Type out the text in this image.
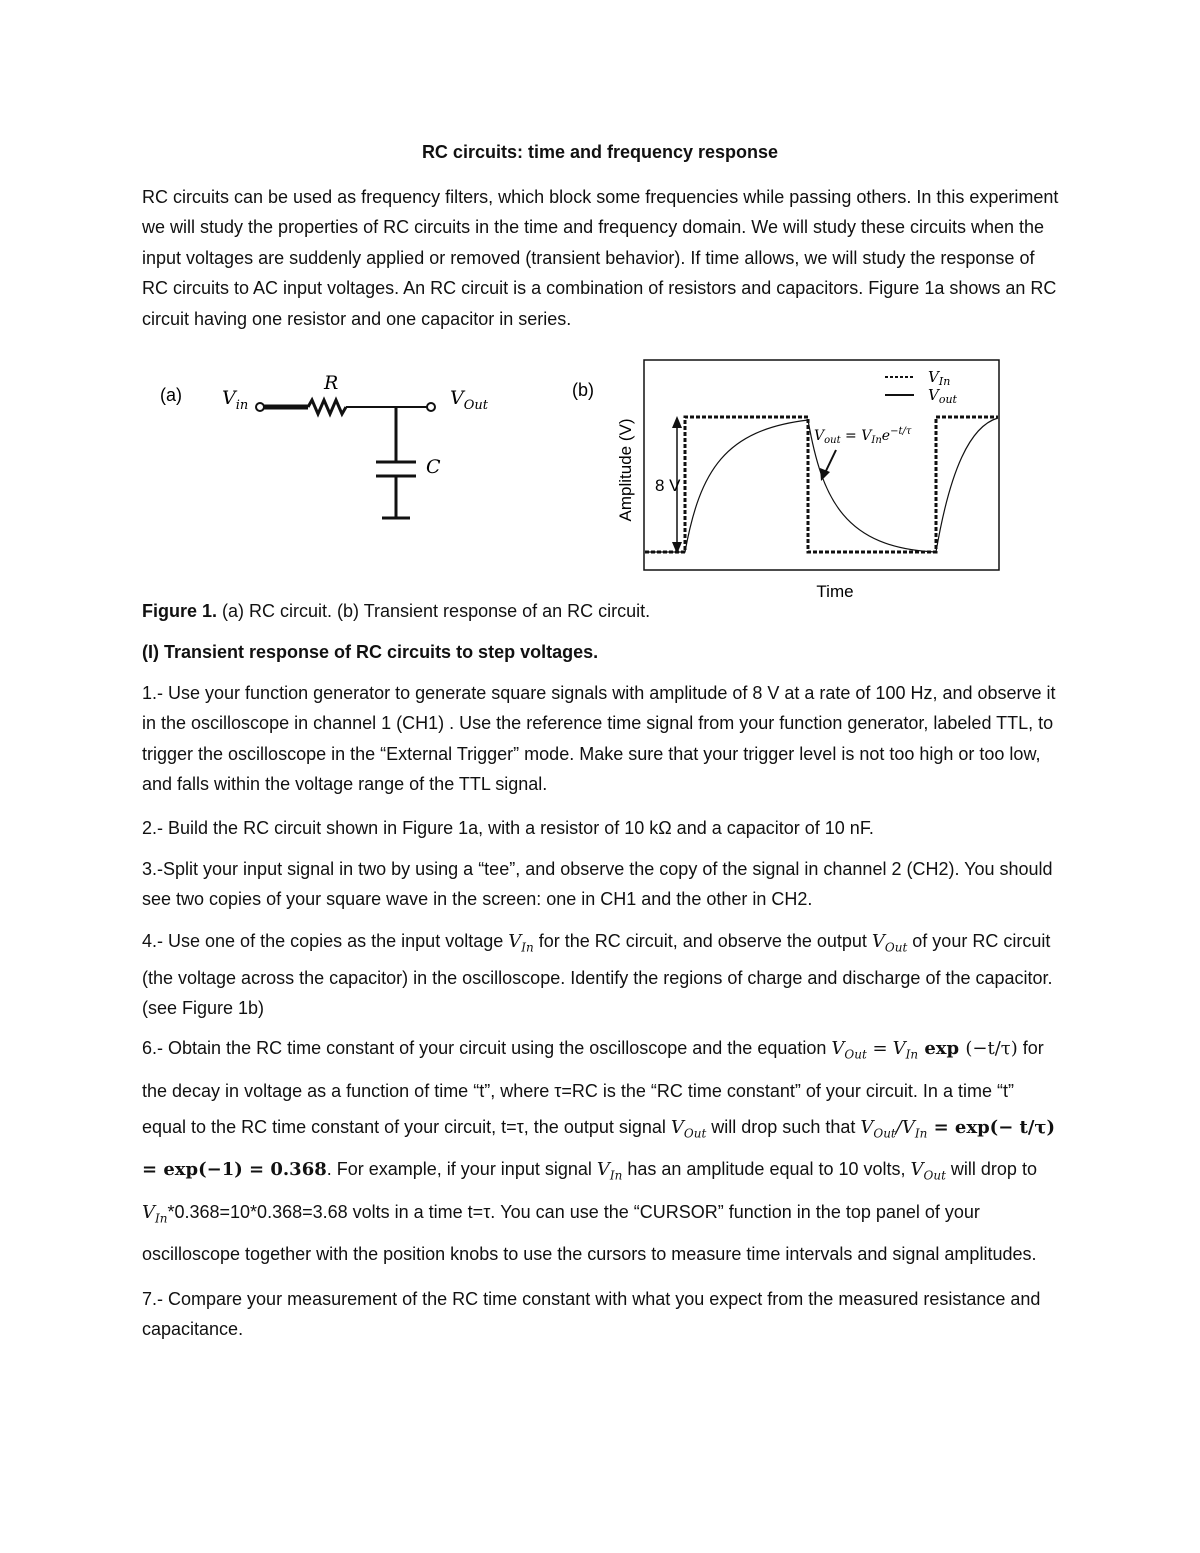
RC circuits: time and frequency response

RC circuits can be used as frequency filters, which block some frequencies while passing others. In this experiment we will study the properties of RC circuits in the time and frequency domain. We will study these circuits when the input voltages are suddenly applied or removed (transient behavior). If time allows, we will study the response of RC circuits to AC input voltages. An RC circuit is a combination of resistors and capacitors. Figure 1a shows an RC circuit having one resistor and one capacitor in series.

(a) $V_{in}$
R
$V_{Out}$
C
(b)
Amplitude (V)
Time
8 V
$V_{In}$
$V_{out}$
$V_{out} = V_{In}e^{-t/\tau}$

Figure 1. (a) RC circuit. (b) Transient response of an RC circuit.

(I) Transient response of RC circuits to step voltages.

1.- Use your function generator to generate square signals with amplitude of 8 V at a rate of 100 Hz, and observe it in the oscilloscope in channel 1 (CH1) . Use the reference time signal from your function generator, labeled TTL, to trigger the oscilloscope in the “External Trigger” mode. Make sure that your trigger level is not too high or too low, and falls within the voltage range of the TTL signal.

2.- Build the RC circuit shown in Figure 1a, with a resistor of 10 kΩ and a capacitor of 10 nF.

3.-Split your input signal in two by using a “tee”, and observe the copy of the signal in channel 2 (CH2). You should see two copies of your square wave in the screen: one in CH1 and the other in CH2.

4.- Use one of the copies as the input voltage $V_{In}$ for the RC circuit, and observe the output $V_{Out}$ of your RC circuit (the voltage across the capacitor) in the oscilloscope. Identify the regions of charge and discharge of the capacitor. (see Figure 1b)

6.- Obtain the RC time constant of your circuit using the oscilloscope and the equation $V_{Out} = V_{In}$ exp (−t/τ) for the decay in voltage as a function of time “t”, where τ=RC is the “RC time constant” of your circuit. In a time “t” equal to the RC time constant of your circuit, t=τ, the output signal $V_{Out}$ will drop such that $V_{Out}/V_{In} = \exp(- t/\tau) = \exp(-1) = 0.368$. For example, if your input signal $V_{In}$ has an amplitude equal to 10 volts, $V_{Out}$ will drop to $V_{In}*0.368=10*0.368=3.68$ volts in a time t=τ. You can use the “CURSOR” function in the top panel of your oscilloscope together with the position knobs to use the cursors to measure time intervals and signal amplitudes.

7.- Compare your measurement of the RC time constant with what you expect from the measured resistance and capacitance.
